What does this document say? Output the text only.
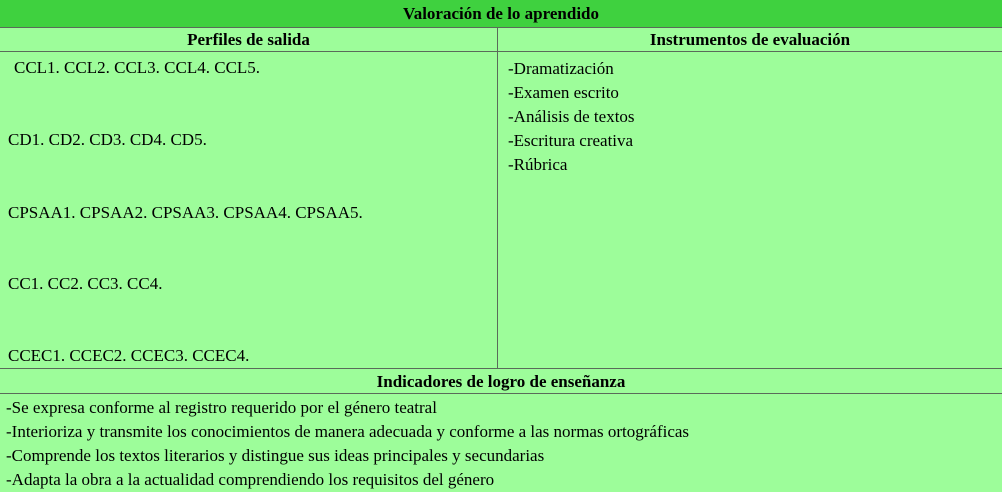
Valoración de lo aprendido
Perfiles de salida	Instrumentos de evaluación
CCL1. CCL2. CCL3. CCL4. CCL5.
CD1. CD2. CD3. CD4. CD5.
CPSAA1. CPSAA2. CPSAA3. CPSAA4. CPSAA5.
CC1. CC2. CC3. CC4.
CCEC1. CCEC2. CCEC3. CCEC4.
-Dramatización
-Examen escrito
-Análisis de textos
-Escritura creativa
-Rúbrica
Indicadores de logro de enseñanza
-Se expresa conforme al registro requerido por el género teatral
-Interioriza y transmite los conocimientos de manera adecuada y conforme a las normas ortográficas
-Comprende los textos literarios y distingue sus ideas principales y secundarias
-Adapta la obra a la actualidad comprendiendo los requisitos del género
